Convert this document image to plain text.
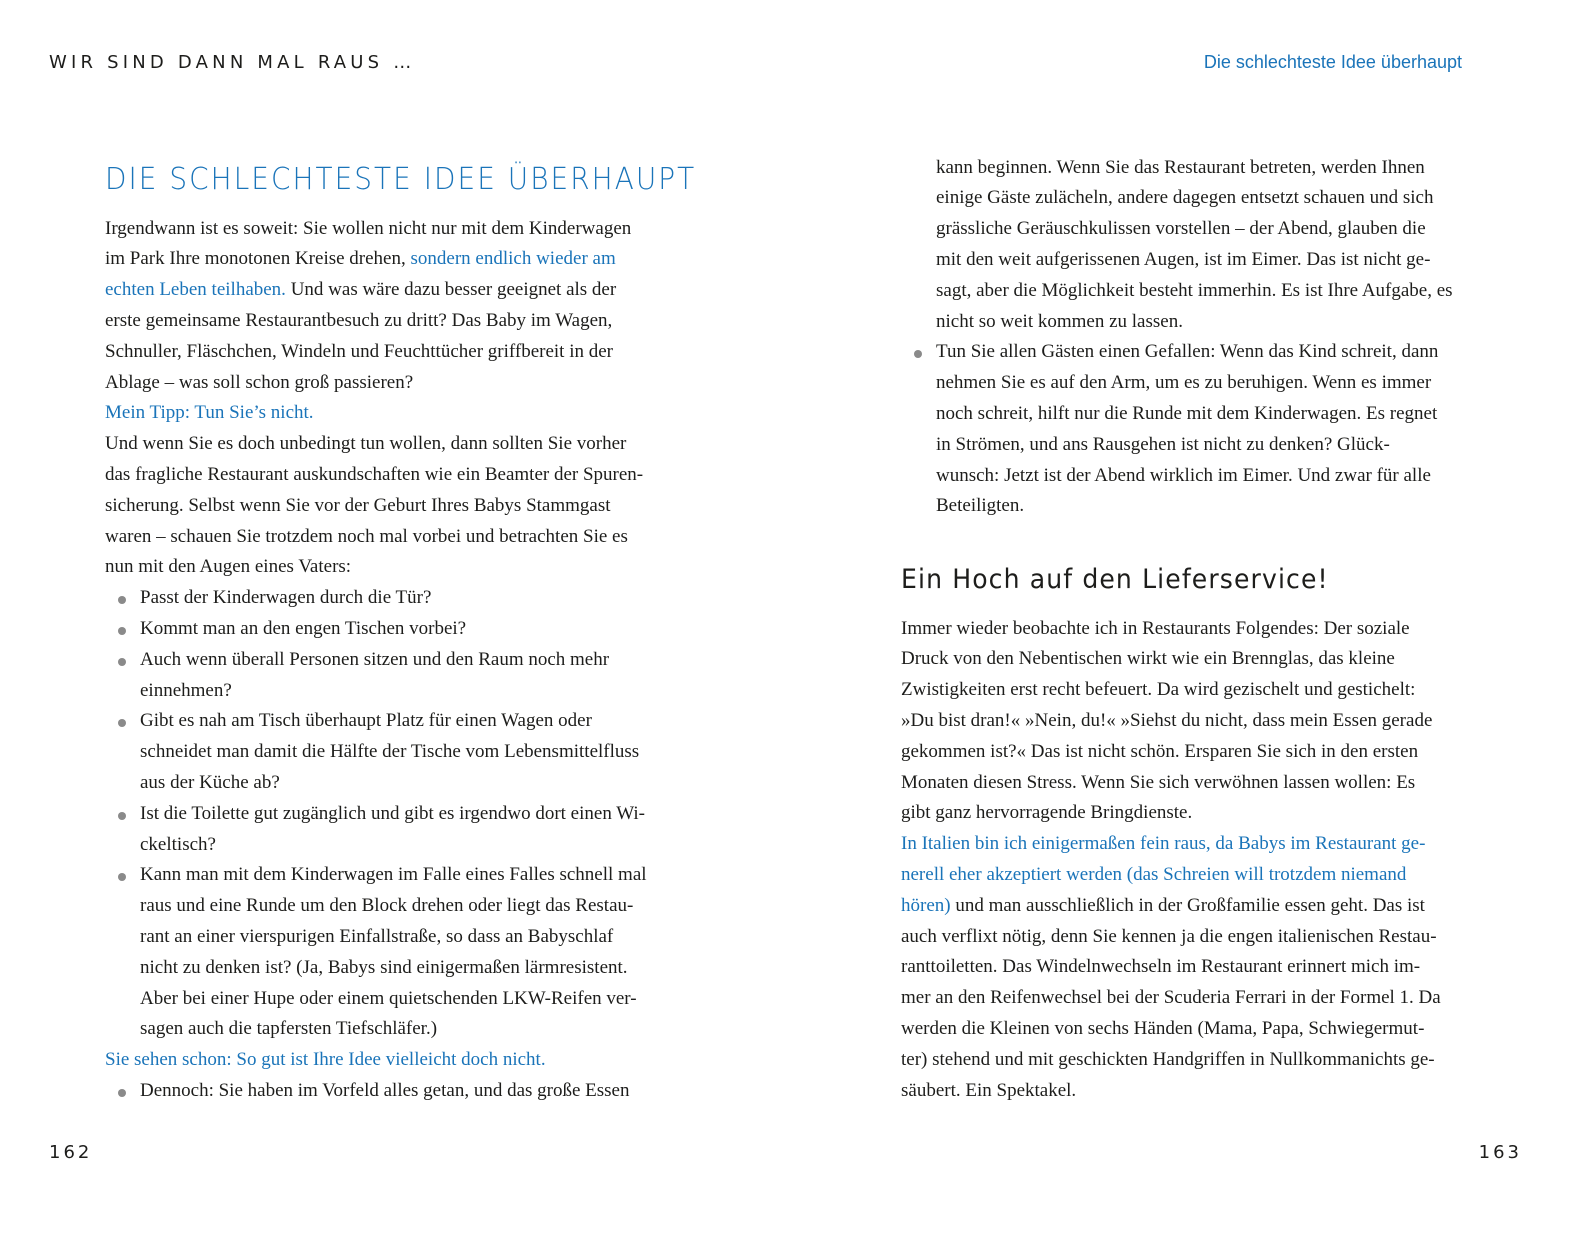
WIR SIND DANN MAL RAUS …	Die schlechteste Idee überhaupt
DIE SCHLECHTESTE IDEE ÜBERHAUPT
Irgendwann ist es soweit: Sie wollen nicht nur mit dem Kinderwagen
im Park Ihre monotonen Kreise drehen, sondern endlich wieder am
echten Leben teilhaben. Und was wäre dazu besser geeignet als der
erste gemeinsame Restaurantbesuch zu dritt? Das Baby im Wagen,
Schnuller, Fläschchen, Windeln und Feuchttücher griffbereit in der
Ablage – was soll schon groß passieren?
Mein Tipp: Tun Sie’s nicht.
Und wenn Sie es doch unbedingt tun wollen, dann sollten Sie vorher
das fragliche Restaurant auskundschaften wie ein Beamter der Spuren-
sicherung. Selbst wenn Sie vor der Geburt Ihres Babys Stammgast
waren – schauen Sie trotzdem noch mal vorbei und betrachten Sie es
nun mit den Augen eines Vaters:
Passt der Kinderwagen durch die Tür?
Kommt man an den engen Tischen vorbei?
Auch wenn überall Personen sitzen und den Raum noch mehr
einnehmen?
Gibt es nah am Tisch überhaupt Platz für einen Wagen oder
schneidet man damit die Hälfte der Tische vom Lebensmittelfluss
aus der Küche ab?
Ist die Toilette gut zugänglich und gibt es irgendwo dort einen Wi-
ckeltisch?
Kann man mit dem Kinderwagen im Falle eines Falles schnell mal
raus und eine Runde um den Block drehen oder liegt das Restau-
rant an einer vierspurigen Einfallstraße, so dass an Babyschlaf
nicht zu denken ist? (Ja, Babys sind einigermaßen lärmresistent.
Aber bei einer Hupe oder einem quietschenden LKW-Reifen ver-
sagen auch die tapfersten Tiefschläfer.)
Sie sehen schon: So gut ist Ihre Idee vielleicht doch nicht.
Dennoch: Sie haben im Vorfeld alles getan, und das große Essen
kann beginnen. Wenn Sie das Restaurant betreten, werden Ihnen
einige Gäste zulächeln, andere dagegen entsetzt schauen und sich
grässliche Geräuschkulissen vorstellen – der Abend, glauben die
mit den weit aufgerissenen Augen, ist im Eimer. Das ist nicht ge-
sagt, aber die Möglichkeit besteht immerhin. Es ist Ihre Aufgabe, es
nicht so weit kommen zu lassen.
Tun Sie allen Gästen einen Gefallen: Wenn das Kind schreit, dann
nehmen Sie es auf den Arm, um es zu beruhigen. Wenn es immer
noch schreit, hilft nur die Runde mit dem Kinderwagen. Es regnet
in Strömen, und ans Rausgehen ist nicht zu denken? Glück-
wunsch: Jetzt ist der Abend wirklich im Eimer. Und zwar für alle
Beteiligten.
Ein Hoch auf den Lieferservice!
Immer wieder beobachte ich in Restaurants Folgendes: Der soziale
Druck von den Nebentischen wirkt wie ein Brennglas, das kleine
Zwistigkeiten erst recht befeuert. Da wird gezischelt und gestichelt:
»Du bist dran!« »Nein, du!« »Siehst du nicht, dass mein Essen gerade
gekommen ist?« Das ist nicht schön. Ersparen Sie sich in den ersten
Monaten diesen Stress. Wenn Sie sich verwöhnen lassen wollen: Es
gibt ganz hervorragende Bringdienste.
In Italien bin ich einigermaßen fein raus, da Babys im Restaurant ge-
nerell eher akzeptiert werden (das Schreien will trotzdem niemand
hören) und man ausschließlich in der Großfamilie essen geht. Das ist
auch verflixt nötig, denn Sie kennen ja die engen italienischen Restau-
ranttoiletten. Das Windelnwechseln im Restaurant erinnert mich im-
mer an den Reifenwechsel bei der Scuderia Ferrari in der Formel 1. Da
werden die Kleinen von sechs Händen (Mama, Papa, Schwiegermut-
ter) stehend und mit geschickten Handgriffen in Nullkommanichts ge-
säubert. Ein Spektakel.
162	163
